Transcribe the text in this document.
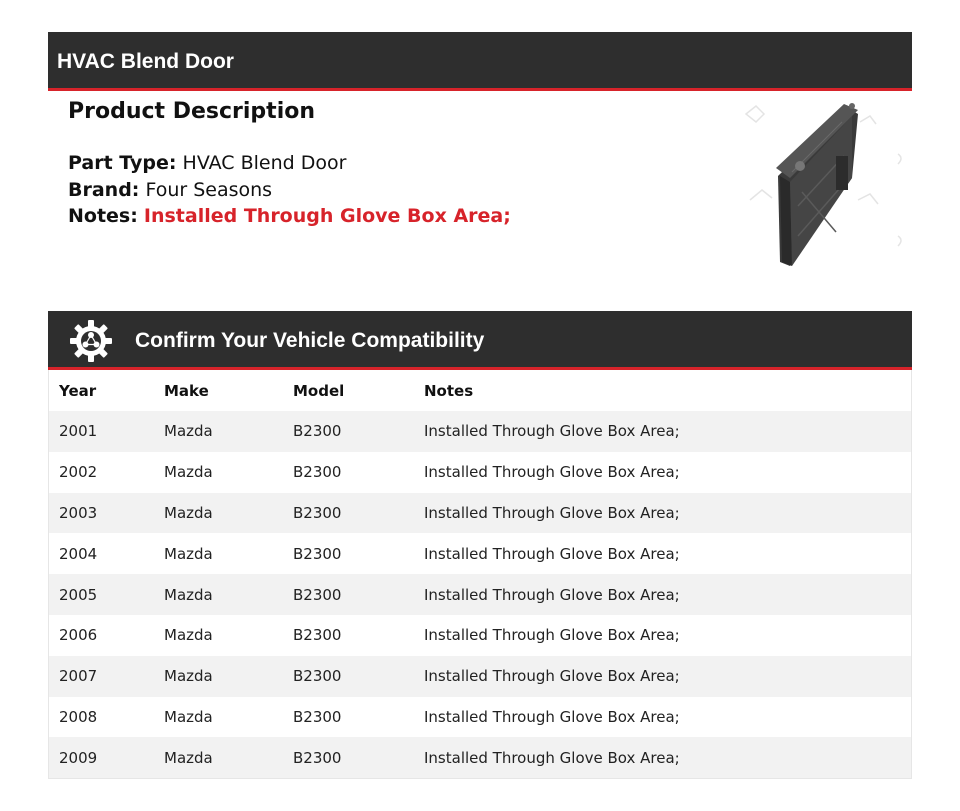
HVAC Blend Door
Product Description
Part Type: HVAC Blend Door
Brand: Four Seasons
Notes: Installed Through Glove Box Area;
Confirm Your Vehicle Compatibility
Year	Make	Model	Notes
2001	Mazda	B2300	Installed Through Glove Box Area;
2002	Mazda	B2300	Installed Through Glove Box Area;
2003	Mazda	B2300	Installed Through Glove Box Area;
2004	Mazda	B2300	Installed Through Glove Box Area;
2005	Mazda	B2300	Installed Through Glove Box Area;
2006	Mazda	B2300	Installed Through Glove Box Area;
2007	Mazda	B2300	Installed Through Glove Box Area;
2008	Mazda	B2300	Installed Through Glove Box Area;
2009	Mazda	B2300	Installed Through Glove Box Area;
